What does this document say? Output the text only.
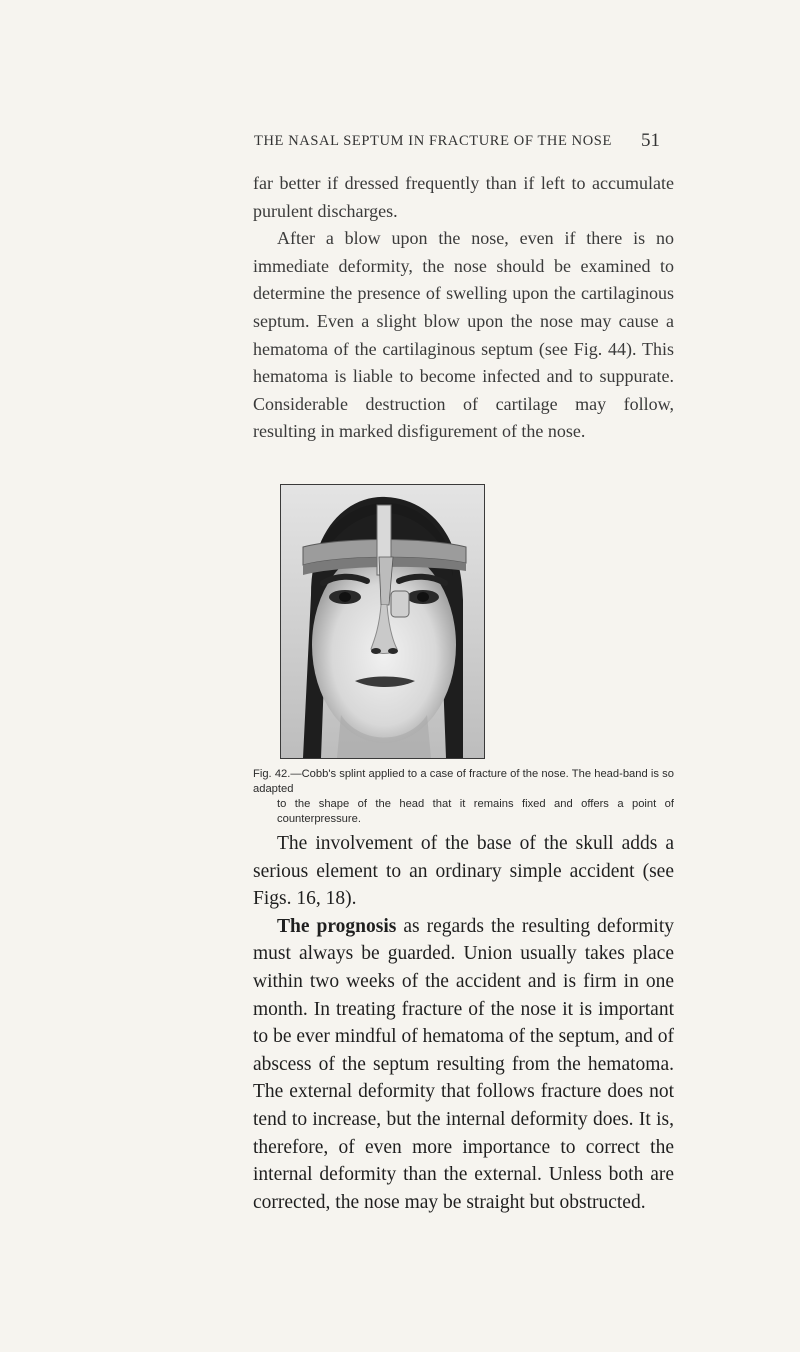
THE NASAL SEPTUM IN FRACTURE OF THE NOSE 51

far better if dressed frequently than if left to accumulate purulent discharges.

After a blow upon the nose, even if there is no immediate deformity, the nose should be examined to determine the presence of swelling upon the cartilaginous septum. Even a slight blow upon the nose may cause a hematoma of the cartilaginous septum (see Fig. 44). This hematoma is liable to become infected and to suppurate. Considerable destruction of cartilage may follow, resulting in marked disfigurement of the nose.

Fig. 42.—Cobb's splint applied to a case of fracture of the nose. The head-band is so adapted
to the shape of the head that it remains fixed and offers a point of counterpressure.

The involvement of the base of the skull adds a serious element to an ordinary simple accident (see Figs. 16, 18).

The prognosis as regards the resulting deformity must always be guarded. Union usually takes place within two weeks of the accident and is firm in one month. In treating fracture of the nose it is important to be ever mindful of hematoma of the septum, and of abscess of the septum resulting from the hematoma. The external deformity that follows fracture does not tend to increase, but the internal deformity does. It is, therefore, of even more importance to correct the internal deformity than the external. Unless both are corrected, the nose may be straight but obstructed.
